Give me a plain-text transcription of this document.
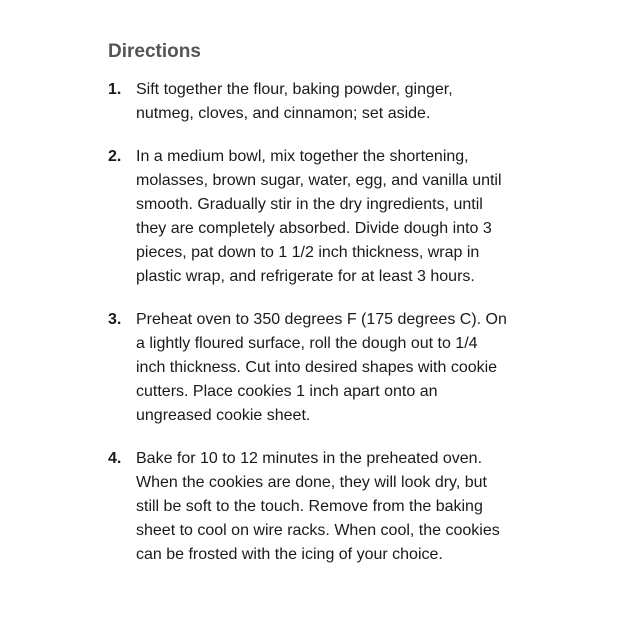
Directions
1. Sift together the flour, baking powder, ginger, nutmeg, cloves, and cinnamon; set aside.
2. In a medium bowl, mix together the shortening, molasses, brown sugar, water, egg, and vanilla until smooth. Gradually stir in the dry ingredients, until they are completely absorbed. Divide dough into 3 pieces, pat down to 1 1/2 inch thickness, wrap in plastic wrap, and refrigerate for at least 3 hours.
3. Preheat oven to 350 degrees F (175 degrees C). On a lightly floured surface, roll the dough out to 1/4 inch thickness. Cut into desired shapes with cookie cutters. Place cookies 1 inch apart onto an ungreased cookie sheet.
4. Bake for 10 to 12 minutes in the preheated oven. When the cookies are done, they will look dry, but still be soft to the touch. Remove from the baking sheet to cool on wire racks. When cool, the cookies can be frosted with the icing of your choice.
